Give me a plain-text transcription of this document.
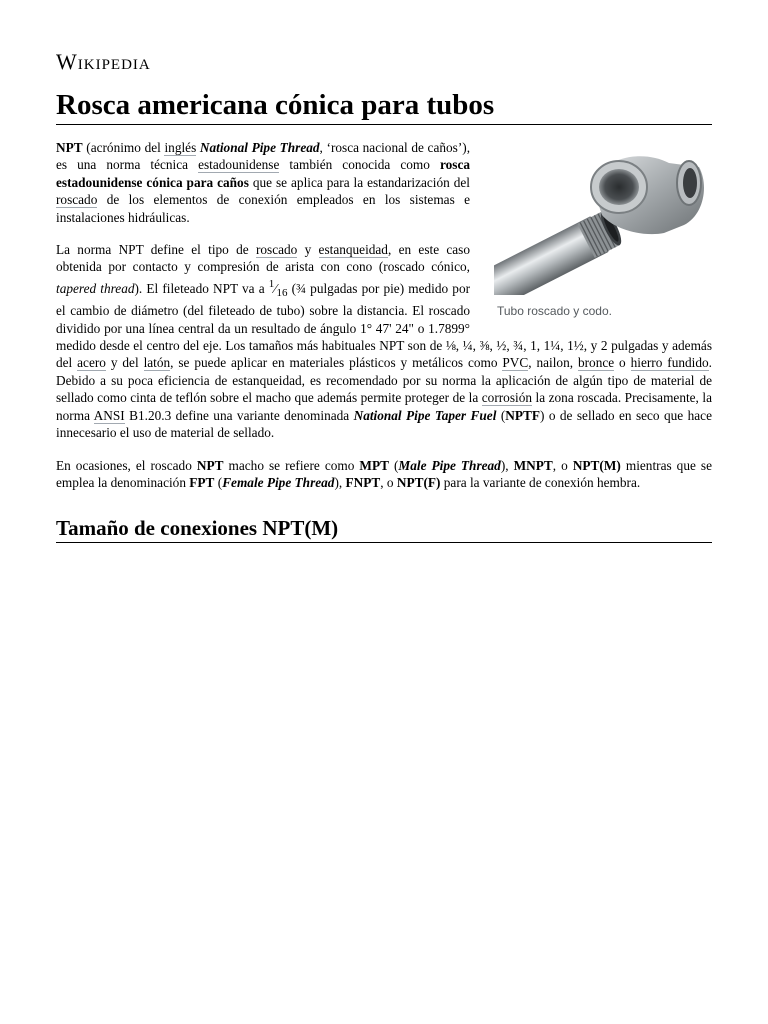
Wikipedia
Rosca americana cónica para tubos
Tubo roscado y codo.

NPT (acrónimo del inglés National Pipe Thread, ‘rosca nacional de caños’), es una norma técnica estadounidense también conocida como rosca estadounidense cónica para caños que se aplica para la estandarización del roscado de los elementos de conexión empleados en los sistemas e instalaciones hidráulicas.

La norma NPT define el tipo de roscado y estanqueidad, en este caso obtenida por contacto y compresión de arista con cono (roscado cónico, tapered thread). El fileteado NPT va a $^1⁄_{16}$ (¾ pulgadas por pie) medido por el cambio de diámetro (del fileteado de tubo) sobre la distancia. El roscado dividido por una línea central da un resultado de ángulo 1° 47' 24" o 1.7899° medido desde el centro del eje. Los tamaños más habituales NPT son de ⅛, ¼, ⅜, ½, ¾, 1, 1¼, 1½, y 2 pulgadas y además del acero y del latón, se puede aplicar en materiales plásticos y metálicos como PVC, nailon, bronce o hierro fundido. Debido a su poca eficiencia de estanqueidad, es recomendado por su norma la aplicación de algún tipo de material de sellado como cinta de teflón sobre el macho que además permite proteger de la corrosión la zona roscada. Precisamente, la norma ANSI B1.20.3 define una variante denominada National Pipe Taper Fuel (NPTF) o de sellado en seco que hace innecesario el uso de material de sellado.

En ocasiones, el roscado NPT macho se refiere como MPT (Male Pipe Thread), MNPT, o NPT(M) mientras que se emplea la denominación FPT (Female Pipe Thread), FNPT, o NPT(F) para la variante de conexión hembra.

Tamaño de conexiones NPT(M)
